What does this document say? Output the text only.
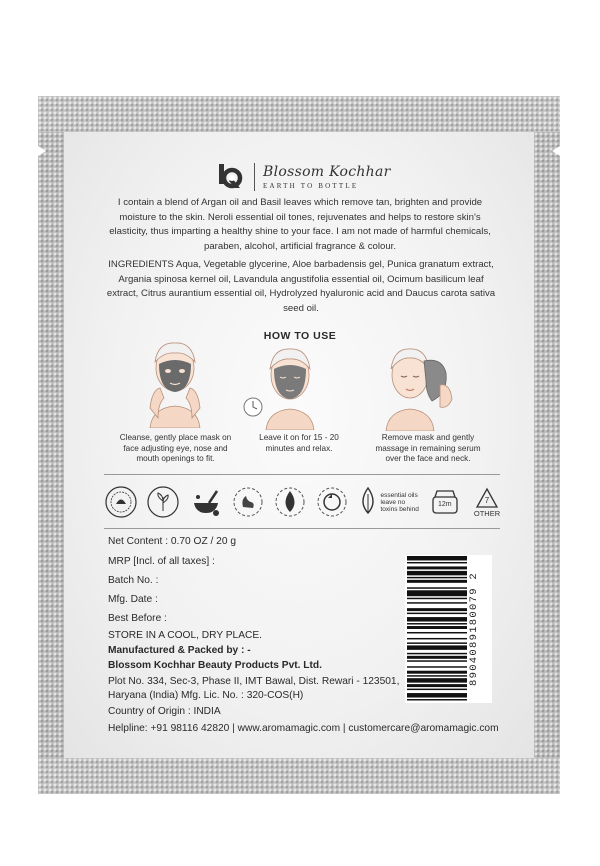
Blossom Kochhar
EARTH TO BOTTLE
I contain a blend of Argan oil and Basil leaves which remove tan, brighten and provide moisture to the skin. Neroli essential oil tones, rejuvenates and helps to restore skin's elasticity, thus imparting a healthy shine to your face. I am not made of harmful chemicals, paraben, alcohol, artificial fragrance & colour.
INGREDIENTS Aqua, Vegetable glycerine, Aloe barbadensis gel, Punica granatum extract, Argania spinosa kernel oil, Lavandula angustifolia essential oil, Ocimum basilicum leaf extract, Citrus aurantium essential oil, Hydrolyzed hyaluronic acid and Daucus carota sativa seed oil.
HOW TO USE
Cleanse, gently place mask on face adjusting eye, nose and mouth openings to fit.
Leave it on for 15 - 20 minutes and relax.
Remove mask and gently massage in remaining serum over the face and neck.
essential oils leave no toxins behind
12m	7
OTHER
Net Content : 0.70 OZ / 20 g
MRP [Incl. of all taxes] :
Batch No. :
Mfg. Date :
Best Before :
STORE IN A COOL, DRY PLACE.
Manufactured & Packed by : -
Blossom Kochhar Beauty Products Pvt. Ltd.
Plot No. 334, Sec-3, Phase II, IMT Bawal, Dist. Rewari - 123501,
Haryana (India) Mfg. Lic. No. : 320-COS(H)
Country of Origin : INDIA
Helpline: +91 98116 42820 | www.aromamagic.com | customercare@aromamagic.com
8904089180079 2
